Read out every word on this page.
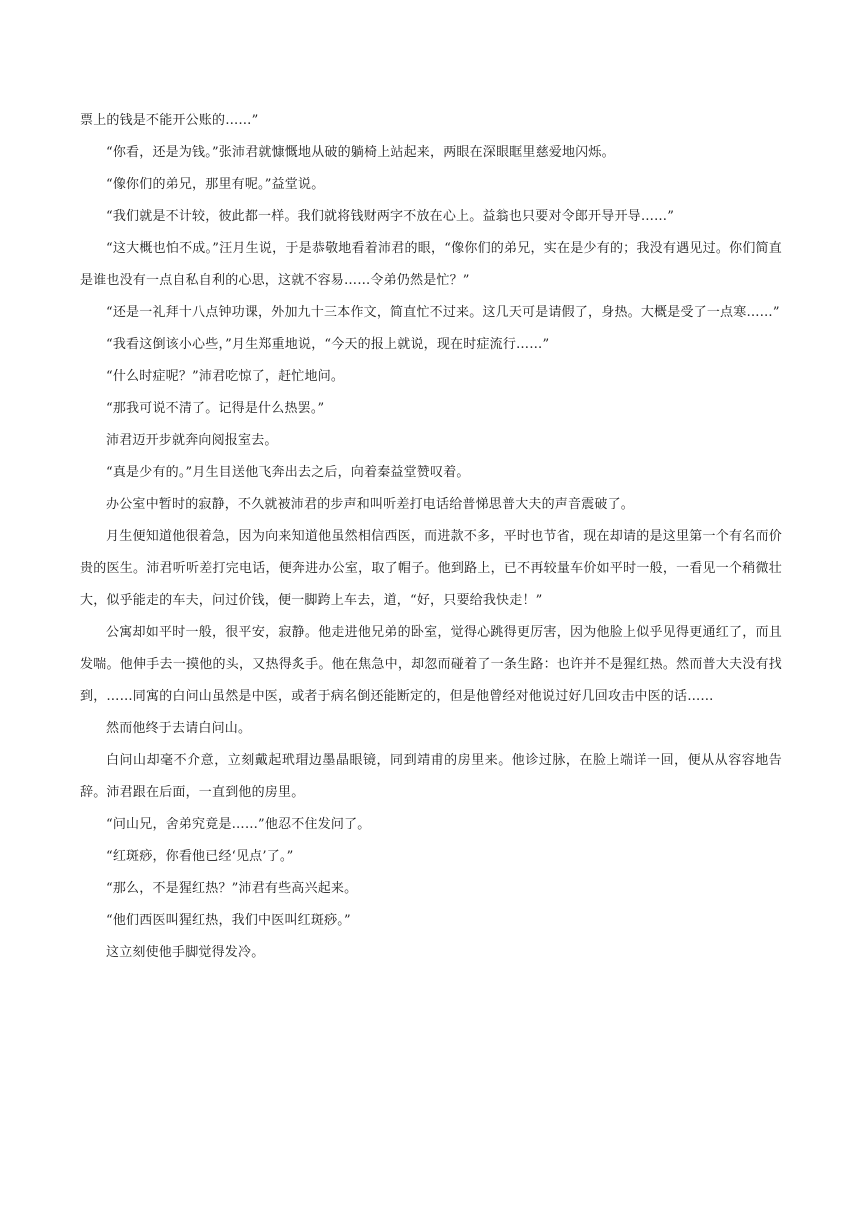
票上的钱是不能开公账的……”

“你看，还是为钱。”张沛君就慷慨地从破的躺椅上站起来，两眼在深眼眶里慈爱地闪烁。

“像你们的弟兄，那里有呢。”益堂说。

“我们就是不计较，彼此都一样。我们就将钱财两字不放在心上。益翁也只要对令郎开导开导……”

“这大概也怕不成。”汪月生说，于是恭敬地看着沛君的眼，“像你们的弟兄，实在是少有的；我没有遇见过。你们简直是谁也没有一点自私自利的心思，这就不容易……令弟仍然是忙？”

“还是一礼拜十八点钟功课，外加九十三本作文，简直忙不过来。这几天可是请假了，身热。大概是受了一点寒……”

“我看这倒该小心些，”月生郑重地说，“今天的报上就说，现在时症流行……”

“什么时症呢？”沛君吃惊了，赶忙地问。

“那我可说不清了。记得是什么热罢。”

沛君迈开步就奔向阅报室去。

“真是少有的。”月生目送他飞奔出去之后，向着秦益堂赞叹着。

办公室中暂时的寂静，不久就被沛君的步声和叫听差打电话给普悌思普大夫的声音震破了。

月生便知道他很着急，因为向来知道他虽然相信西医，而进款不多，平时也节省，现在却请的是这里第一个有名而价贵的医生。沛君听听差打完电话，便奔进办公室，取了帽子。他到路上，已不再较量车价如平时一般，一看见一个稍微壮大，似乎能走的车夫，问过价钱，便一脚跨上车去，道，“好，只要给我快走！”

公寓却如平时一般，很平安，寂静。他走进他兄弟的卧室，觉得心跳得更厉害，因为他脸上似乎见得更通红了，而且发喘。他伸手去一摸他的头，又热得炙手。他在焦急中，却忽而碰着了一条生路：也许并不是猩红热。然而普大夫没有找到，……同寓的白问山虽然是中医，或者于病名倒还能断定的，但是他曾经对他说过好几回攻击中医的话……

然而他终于去请白问山。

白问山却毫不介意，立刻戴起玳瑁边墨晶眼镜，同到靖甫的房里来。他诊过脉，在脸上端详一回，便从从容容地告辞。沛君跟在后面，一直到他的房里。

“问山兄，舍弟究竟是……”他忍不住发问了。

“红斑痧，你看他已经‘见点’了。”

“那么，不是猩红热？”沛君有些高兴起来。

“他们西医叫猩红热，我们中医叫红斑痧。”

这立刻使他手脚觉得发冷。
